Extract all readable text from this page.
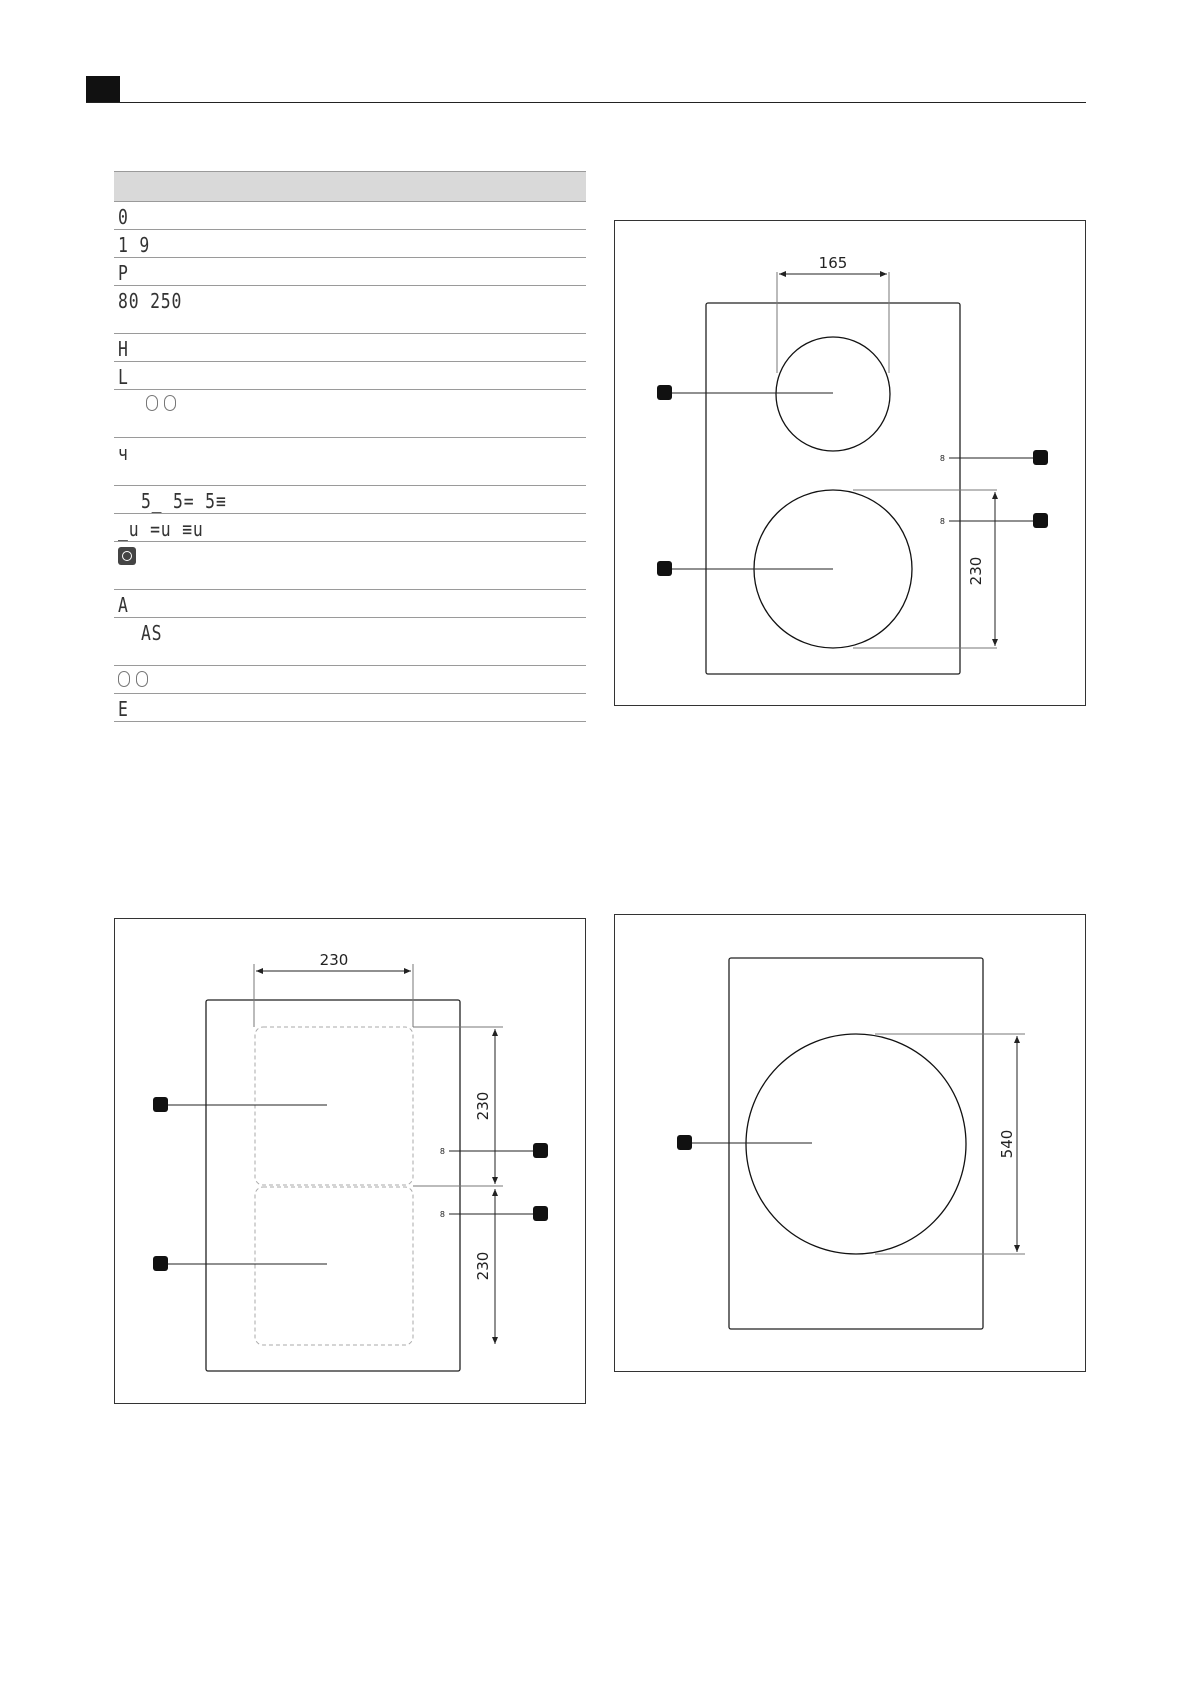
0
1 9
P
80 250
H
L

ч
5_ 5= 5≡
_u =u ≡u

A
AS

E
165
230
8
8
230
230
230
8
8
540
